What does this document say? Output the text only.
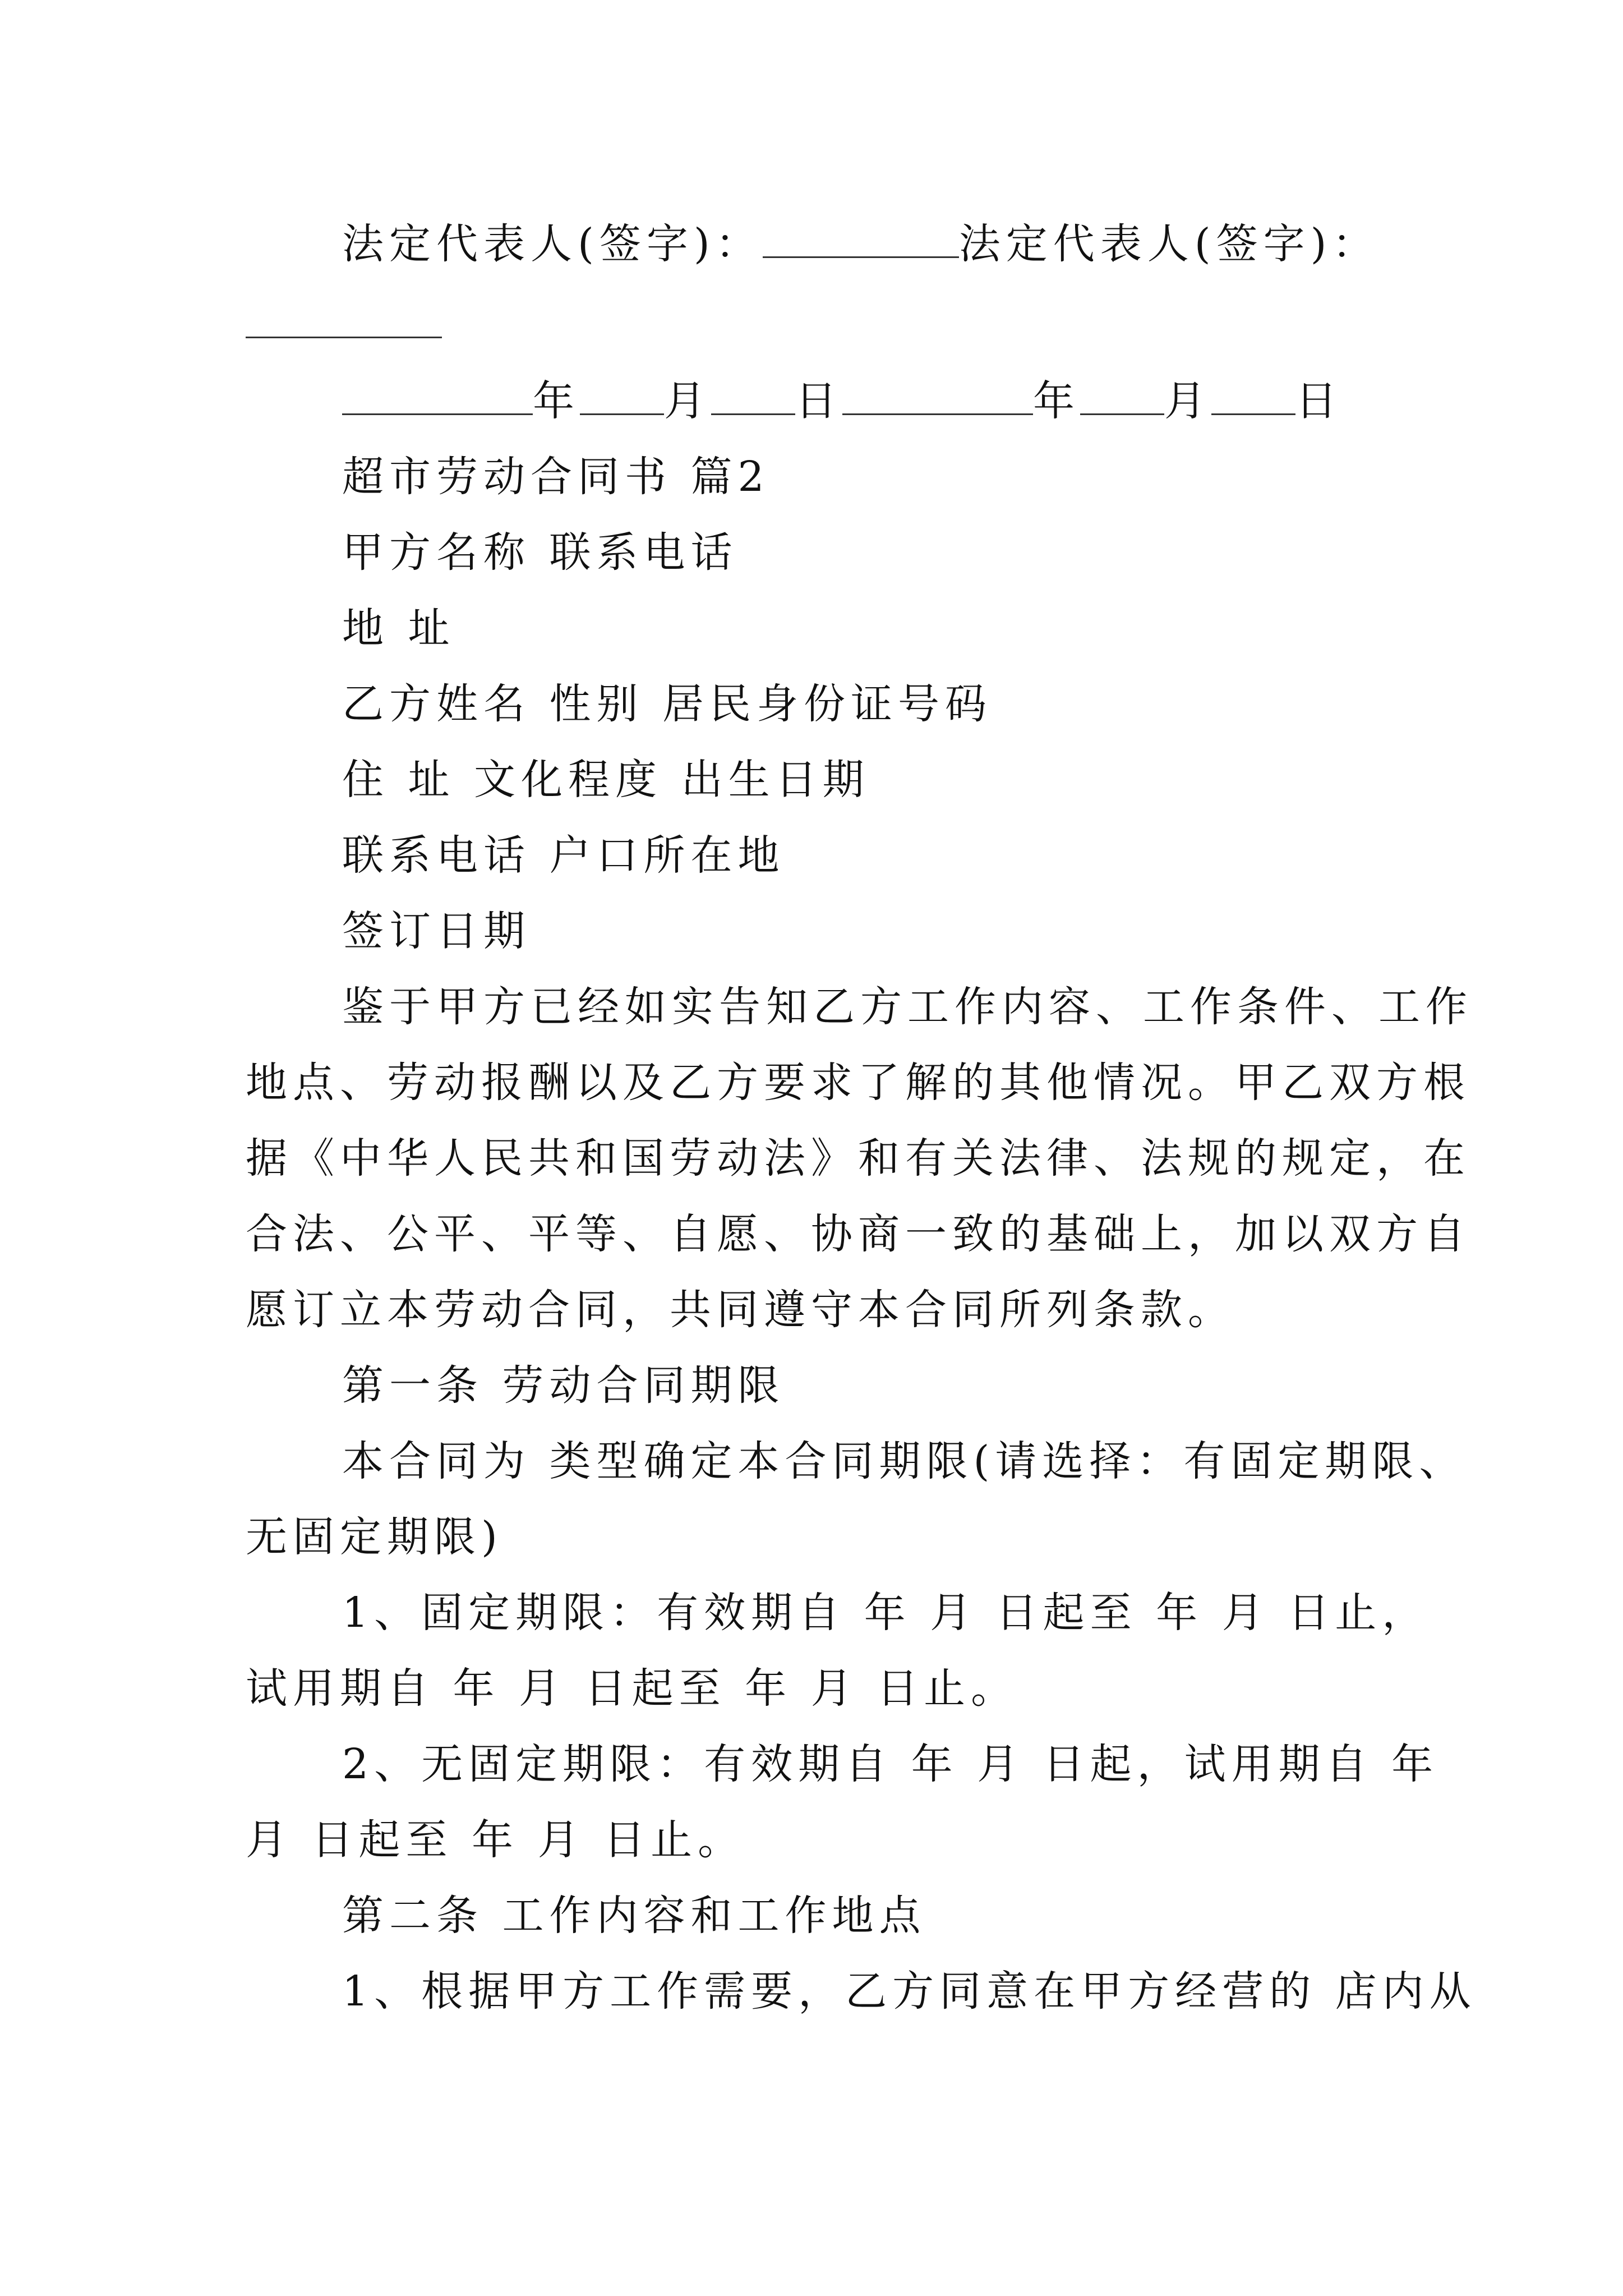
法定代表人(签字)：	法定代表人(签字)：
年 月 日	年 月 日
超市劳动合同书 篇2
甲方名称 联系电话
地 址
乙方姓名 性别 居民身份证号码
住 址 文化程度 出生日期
联系电话 户口所在地
签订日期
鉴于甲方已经如实告知乙方工作内容、工作条件、工作
地点、劳动报酬以及乙方要求了解的其他情况。甲乙双方根
据《中华人民共和国劳动法》和有关法律、法规的规定，在
合法、公平、平等、自愿、协商一致的基础上，加以双方自
愿订立本劳动合同，共同遵守本合同所列条款。
第一条 劳动合同期限
本合同为 类型确定本合同期限(请选择：有固定期限、
无固定期限)
1、固定期限：有效期自 年 月 日起至 年 月 日止，
试用期自 年 月 日起至 年 月 日止。
2、无固定期限：有效期自 年 月 日起，试用期自 年
月 日起至 年 月 日止。
第二条 工作内容和工作地点
1、根据甲方工作需要，乙方同意在甲方经营的 店内从
